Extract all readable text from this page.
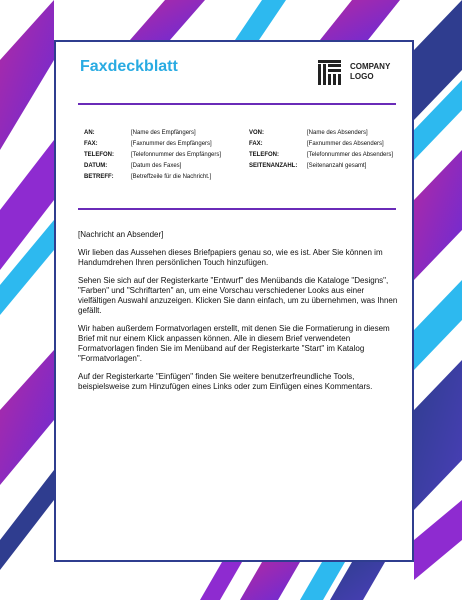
Faxdeckblatt	COMPANY
LOGO
AN:	[Name des Empfängers]
FAX:	[Faxnummer des Empfängers]
TELEFON:	[Telefonnummer des Empfängers]
DATUM:	[Datum des Faxes]
BETREFF:	[Betreffzeile für die Nachricht.]
VON:	[Name des Absenders]
FAX:	[Faxnummer des Absenders]
TELEFON:	[Telefonnummer des Absenders]
SEITENANZAHL: [Seitenanzahl gesamt]

[Nachricht an Absender]

Wir lieben das Aussehen dieses Briefpapiers genau so, wie es ist. Aber Sie können im Handumdrehen Ihren persönlichen Touch hinzufügen.

Sehen Sie sich auf der Registerkarte "Entwurf" des Menübands die Kataloge "Designs", "Farben" und "Schriftarten" an, um eine Vorschau verschiedener Looks aus einer vielfältigen Auswahl anzuzeigen. Klicken Sie dann einfach, um zu übernehmen, was Ihnen gefällt.

Wir haben außerdem Formatvorlagen erstellt, mit denen Sie die Formatierung in diesem Brief mit nur einem Klick anpassen können. Alle in diesem Brief verwendeten Formatvorlagen finden Sie im Menüband auf der Registerkarte "Start" im Katalog "Formatvorlagen".

Auf der Registerkarte "Einfügen" finden Sie weitere benutzerfreundliche Tools, beispielsweise zum Hinzufügen eines Links oder zum Einfügen eines Kommentars.
